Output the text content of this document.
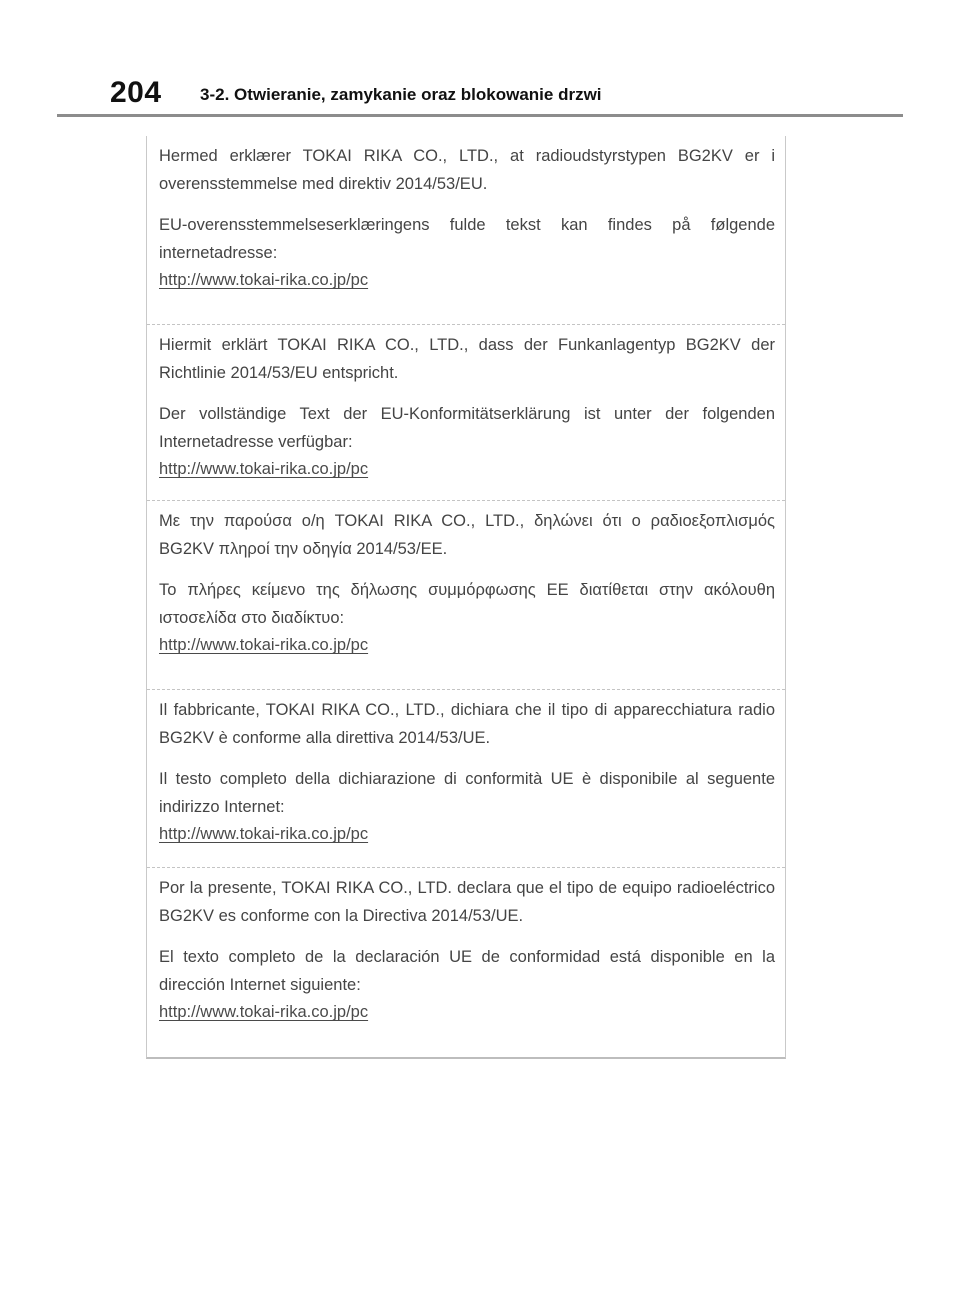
204 3-2. Otwieranie, zamykanie oraz blokowanie drzwi

Hermed erklærer TOKAI RIKA CO., LTD., at radioudstyrstypen BG2KV er i overensstemmelse med direktiv 2014/53/EU.

EU-overensstemmelseserklæringens fulde tekst kan findes på følgende internetadresse:

http://www.tokai-rika.co.jp/pc

Hiermit erklärt TOKAI RIKA CO., LTD., dass der Funkanlagentyp BG2KV der Richtlinie 2014/53/EU entspricht.

Der vollständige Text der EU-Konformitätserklärung ist unter der folgenden Internetadresse verfügbar:

http://www.tokai-rika.co.jp/pc

Με την παρούσα ο/η TOKAI RIKA CO., LTD., δηλώνει ότι ο ραδιοεξοπλισμός BG2KV πληροί την οδηγία 2014/53/ΕΕ.

Το πλήρες κείμενο της δήλωσης συμμόρφωσης ΕΕ διατίθεται στην ακόλουθη ιστοσελίδα στο διαδίκτυο:

http://www.tokai-rika.co.jp/pc

Il fabbricante, TOKAI RIKA CO., LTD., dichiara che il tipo di apparecchiatura radio BG2KV è conforme alla direttiva 2014/53/UE.

Il testo completo della dichiarazione di conformità UE è disponibile al seguente indirizzo Internet:

http://www.tokai-rika.co.jp/pc

Por la presente, TOKAI RIKA CO., LTD. declara que el tipo de equipo radioeléctrico BG2KV es conforme con la Directiva 2014/53/UE.

El texto completo de la declaración UE de conformidad está disponible en la dirección Internet siguiente:

http://www.tokai-rika.co.jp/pc
